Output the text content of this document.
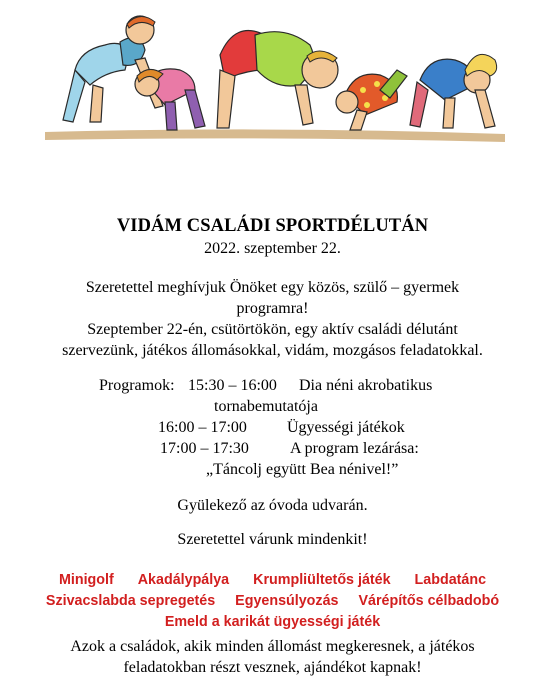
VIDÁM CSALÁDI SPORTDÉLUTÁN
2022. szeptember 22.
Szeretettel meghívjuk Önöket egy közös, szülő – gyermek
programra!
Szeptember 22-én, csütörtökön, egy aktív családi délutánt
szervezünk, játékos állomásokkal, vidám, mozgásos feladatokkal.
Programok: 15:30 – 16:00 Dia néni akrobatikus
tornabemutatója
16:00 – 17:00	Ügyességi játékok
17:00 – 17:30	A program lezárása:
„Táncolj együtt Bea nénivel!”
Gyülekező az óvoda udvarán.
Szeretettel várunk mindenkit!
Minigolf Akadálypálya Krumpliültetős játék Labdatánc
Szivacslabda sepregetés Egyensúlyozás Várépítős célbadobó
Emeld a karikát ügyességi játék
Azok a családok, akik minden állomást megkeresnek, a játékos
feladatokban részt vesznek, ajándékot kapnak!
